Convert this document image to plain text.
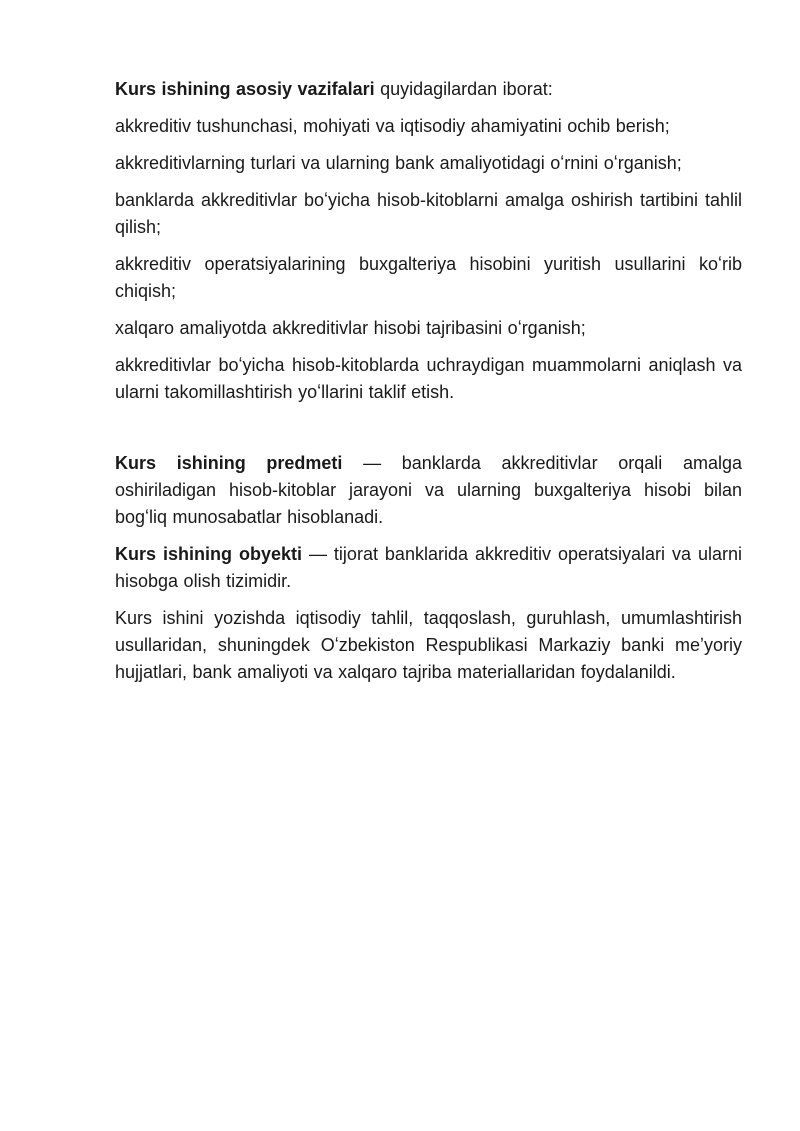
Kurs ishining asosiy vazifalari quyidagilardan iborat:

akkreditiv tushunchasi, mohiyati va iqtisodiy ahamiyatini ochib berish;

akkreditivlarning turlari va ularning bank amaliyotidagi oʻrnini oʻrganish;

banklarda akkreditivlar boʻyicha hisob-kitoblarni amalga oshirish tartibini tahlil qilish;

akkreditiv operatsiyalarining buxgalteriya hisobini yuritish usullarini koʻrib chiqish;

xalqaro amaliyotda akkreditivlar hisobi tajribasini oʻrganish;

akkreditivlar boʻyicha hisob-kitoblarda uchraydigan muammolarni aniqlash va ularni takomillashtirish yoʻllarini taklif etish.

Kurs ishining predmeti — banklarda akkreditivlar orqali amalga oshiriladigan hisob-kitoblar jarayoni va ularning buxgalteriya hisobi bilan bogʻliq munosabatlar hisoblanadi.

Kurs ishining obyekti — tijorat banklarida akkreditiv operatsiyalari va ularni hisobga olish tizimidir.

Kurs ishini yozishda iqtisodiy tahlil, taqqoslash, guruhlash, umumlashtirish usullaridan, shuningdek Oʻzbekiston Respublikasi Markaziy banki meʼyoriy hujjatlari, bank amaliyoti va xalqaro tajriba materiallaridan foydalanildi.
